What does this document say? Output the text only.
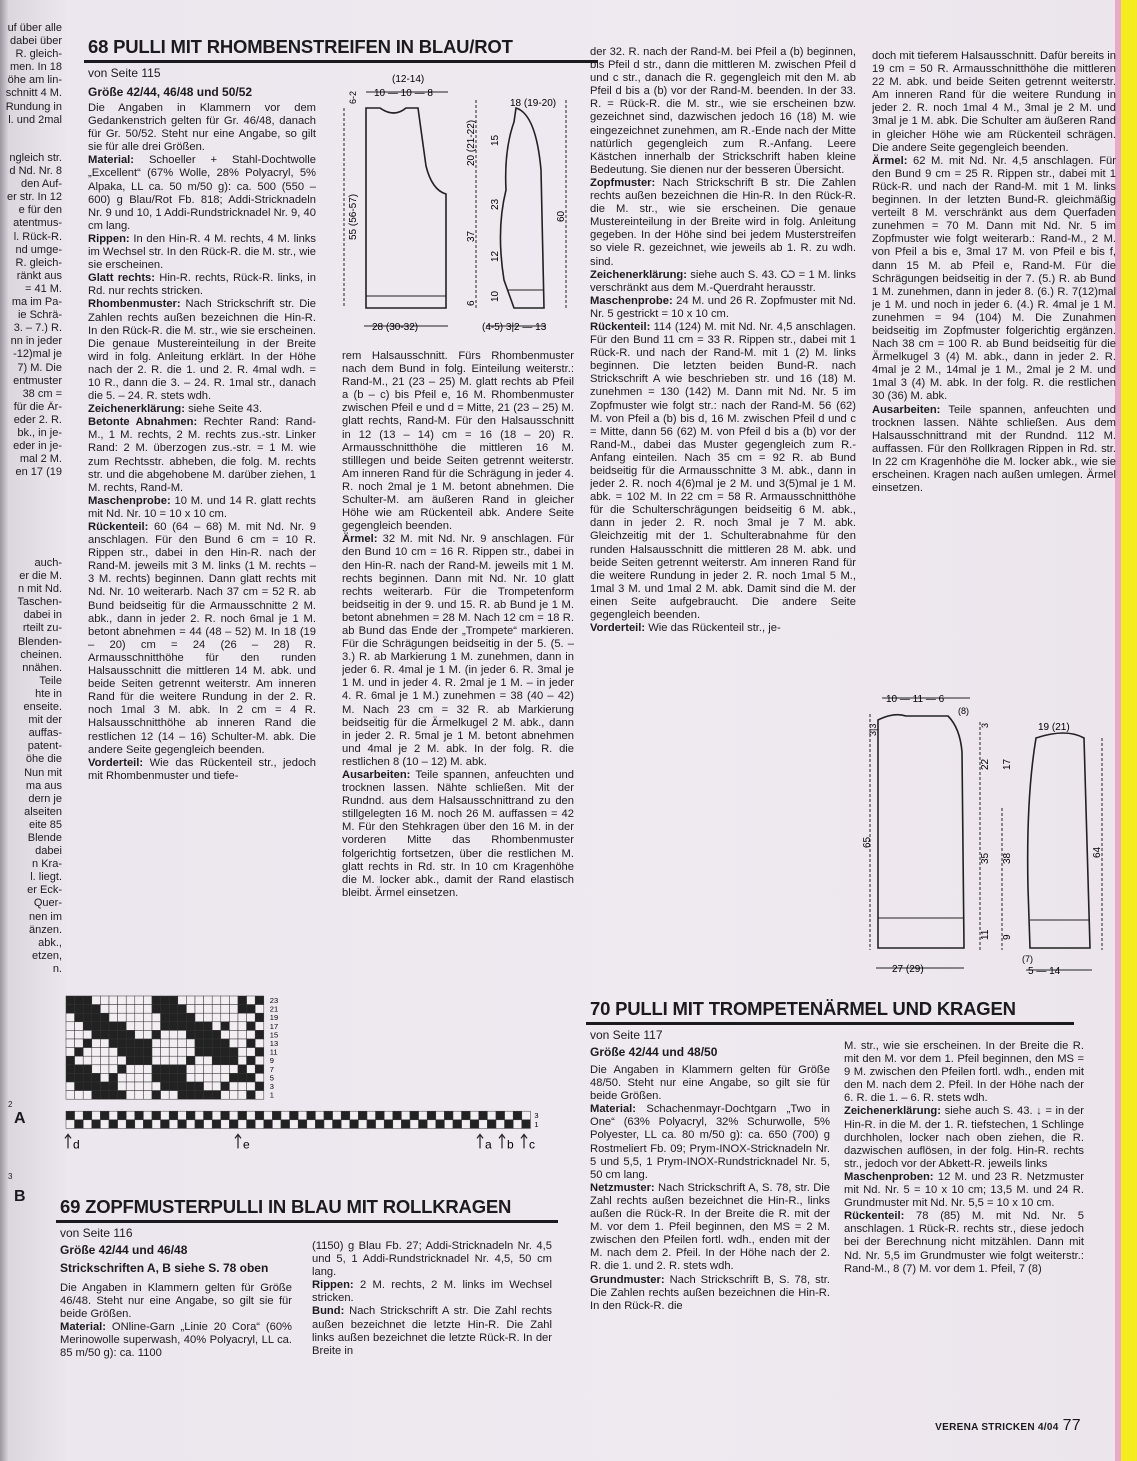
uf über alle
dabei über
R. gleich-
men. In 18
öhe am lin-
schnitt 4 M.
Rundung in
l. und 2mal
ngleich str.
d Nd. Nr. 8
den Auf-
er str. In 12
e für den
atentmus-
l. Rück-R.
nd umge-
R. gleich-
ränkt aus
= 41 M.
ma im Pa-
ie Schrä-
3. – 7.) R.
nn in jeder
-12)mal je
7) M. Die
entmuster
38 cm =
für die Är-
eder 2. R.
bk., in je-
eder in je-
mal 2 M.
en 17 (19
auch-
er die M.
n mit Nd.
Taschen-
dabei in
rteilt zu-
Blenden-
cheinen.
nnähen.
Teile
hte in
enseite.
mit der
auffas-
patent-
öhe die
Nun mit
ma aus
dern je
alseiten
eite 85
Blende
dabei
n Kra-
l. liegt.
er Eck-
Quer-
nen im
änzen.
abk.,
etzen,
n.
2
A
3
B
68 PULLI MIT RHOMBENSTREIFEN IN BLAU/ROT
von Seite 115
Größe 42/44, 46/48 und 50/52

Die Angaben in Klammern vor dem Gedankenstrich gelten für Gr. 46/48, danach für Gr. 50/52. Steht nur eine Angabe, so gilt sie für alle drei Größen.

Material: Schoeller + Stahl-Dochtwolle „Excellent“ (67% Wolle, 28% Polyacryl, 5% Alpaka, LL ca. 50 m/50 g): ca. 500 (550 – 600) g Blau/Rot Fb. 818; Addi-Stricknadeln Nr. 9 und 10, 1 Addi-Rundstricknadel Nr. 9, 40 cm lang.

Rippen: In den Hin-R. 4 M. rechts, 4 M. links im Wechsel str. In den Rück-R. die M. str., wie sie erscheinen.

Glatt rechts: Hin-R. rechts, Rück-R. links, in Rd. nur rechts stricken.

Rhombenmuster: Nach Strickschrift str. Die Zahlen rechts außen bezeichnen die Hin-R. In den Rück-R. die M. str., wie sie erscheinen. Die genaue Mustereinteilung in der Breite wird in folg. Anleitung erklärt. In der Höhe nach der 2. R. die 1. und 2. R. 4mal wdh. = 10 R., dann die 3. – 24. R. 1mal str., danach die 5. – 24. R. stets wdh.

Zeichenerklärung: siehe Seite 43.

Betonte Abnahmen: Rechter Rand: Rand-M., 1 M. rechts, 2 M. rechts zus.-str. Linker Rand: 2 M. überzogen zus.-str. = 1 M. wie zum Rechtsstr. abheben, die folg. M. rechts str. und die abgehobene M. darüber ziehen, 1 M. rechts, Rand-M.

Maschenprobe: 10 M. und 14 R. glatt rechts mit Nd. Nr. 10 = 10 x 10 cm.

Rückenteil: 60 (64 – 68) M. mit Nd. Nr. 9 anschlagen. Für den Bund 6 cm = 10 R. Rippen str., dabei in den Hin-R. nach der Rand-M. jeweils mit 3 M. links (1 M. rechts – 3 M. rechts) beginnen. Dann glatt rechts mit Nd. Nr. 10 weiterarb. Nach 37 cm = 52 R. ab Bund beidseitig für die Armausschnitte 2 M. abk., dann in jeder 2. R. noch 6mal je 1 M. betont abnehmen = 44 (48 – 52) M. In 18 (19 – 20) cm = 24 (26 – 28) R. Armausschnitthöhe für den runden Halsausschnitt die mittleren 14 M. abk. und beide Seiten getrennt weiterstr. Am inneren Rand für die weitere Rundung in der 2. R. noch 1mal 3 M. abk. In 2 cm = 4 R. Halsausschnitthöhe ab inneren Rand die restlichen 12 (14 – 16) Schulter-M. abk. Die andere Seite gegengleich beenden.

Vorderteil: Wie das Rückenteil str., jedoch mit Rhombenmuster und tiefe-

(12-14)
10 — 10 — 8
55 (56-57)
6-2
20 (21-22)
37
6
28 (30-32)
18 (19-20)
15
23
12
10
60
(4-5) 3|2 — 13

rem Halsausschnitt. Fürs Rhombenmuster nach dem Bund in folg. Einteilung weiterstr.: Rand-M., 21 (23 – 25) M. glatt rechts ab Pfeil a (b – c) bis Pfeil e, 16 M. Rhombenmuster zwischen Pfeil e und d = Mitte, 21 (23 – 25) M. glatt rechts, Rand-M. Für den Halsausschnitt in 12 (13 – 14) cm = 16 (18 – 20) R. Armausschnitthöhe die mittleren 16 M. stilllegen und beide Seiten getrennt weiterstr. Am inneren Rand für die Schrägung in jeder 4. R. noch 2mal je 1 M. betont abnehmen. Die Schulter-M. am äußeren Rand in gleicher Höhe wie am Rückenteil abk. Andere Seite gegengleich beenden.

Ärmel: 32 M. mit Nd. Nr. 9 anschlagen. Für den Bund 10 cm = 16 R. Rippen str., dabei in den Hin-R. nach der Rand-M. jeweils mit 1 M. rechts beginnen. Dann mit Nd. Nr. 10 glatt rechts weiterarb. Für die Trompetenform beidseitig in der 9. und 15. R. ab Bund je 1 M. betont abnehmen = 28 M. Nach 12 cm = 18 R. ab Bund das Ende der „Trompete“ markieren. Für die Schrägungen beidseitig in der 5. (5. – 3.) R. ab Markierung 1 M. zunehmen, dann in jeder 6. R. 4mal je 1 M. (in jeder 6. R. 3mal je 1 M. und in jeder 4. R. 2mal je 1 M. – in jeder 4. R. 6mal je 1 M.) zunehmen = 38 (40 – 42) M. Nach 23 cm = 32 R. ab Markierung beidseitig für die Ärmelkugel 2 M. abk., dann in jeder 2. R. 5mal je 1 M. betont abnehmen und 4mal je 2 M. abk. In der folg. R. die restlichen 8 (10 – 12) M. abk.

Ausarbeiten: Teile spannen, anfeuchten und trocknen lassen. Nähte schließen. Mit der Rundnd. aus dem Halsausschnittrand zu den stillgelegten 16 M. noch 26 M. auffassen = 42 M. Für den Stehkragen über den 16 M. in der vorderen Mitte das Rhombenmuster folgerichtig fortsetzen, über die restlichen M. glatt rechts in Rd. str. In 10 cm Kragenhöhe die M. locker abk., damit der Rand elastisch bleibt. Ärmel einsetzen.

der 32. R. nach der Rand-M. bei Pfeil a (b) beginnen, bis Pfeil d str., dann die mittleren M. zwischen Pfeil d und c str., danach die R. gegengleich mit den M. ab Pfeil d bis a (b) vor der Rand-M. beenden. In der 33. R. = Rück-R. die M. str., wie sie erscheinen bzw. gezeichnet sind, dazwischen jedoch 16 (18) M. wie eingezeichnet zunehmen, am R.-Ende nach der Mitte natürlich gegengleich zum R.-Anfang. Leere Kästchen innerhalb der Strickschrift haben kleine Bedeutung. Sie dienen nur der besseren Übersicht.

Zopfmuster: Nach Strickschrift B str. Die Zahlen rechts außen bezeichnen die Hin-R. In den Rück-R. die M. str., wie sie erscheinen. Die genaue Mustereinteilung in der Breite wird in folg. Anleitung gegeben. In der Höhe sind bei jedem Musterstreifen so viele R. gezeichnet, wie jeweils ab 1. R. zu wdh. sind.

Zeichenerklärung: siehe auch S. 43. Ѡ = 1 M. links verschränkt aus dem M.-Querdraht herausstr.

Maschenprobe: 24 M. und 26 R. Zopfmuster mit Nd. Nr. 5 gestrickt = 10 x 10 cm.

Rückenteil: 114 (124) M. mit Nd. Nr. 4,5 anschlagen. Für den Bund 11 cm = 33 R. Rippen str., dabei mit 1 Rück-R. und nach der Rand-M. mit 1 (2) M. links beginnen. Die letzten beiden Bund-R. nach Strickschrift A wie beschrieben str. und 16 (18) M. zunehmen = 130 (142) M. Dann mit Nd. Nr. 5 im Zopfmuster wie folgt str.: nach der Rand-M. 56 (62) M. von Pfeil a (b) bis d, 16 M. zwischen Pfeil d und c = Mitte, dann 56 (62) M. von Pfeil d bis a (b) vor der Rand-M., dabei das Muster gegengleich zum R.-Anfang einteilen. Nach 35 cm = 92 R. ab Bund beidseitig für die Armausschnitte 3 M. abk., dann in jeder 2. R. noch 4(6)mal je 2 M. und 3(5)mal je 1 M. abk. = 102 M. In 22 cm = 58 R. Armausschnitthöhe für die Schulterschrägungen beidseitig 6 M. abk., dann in jeder 2. R. noch 3mal je 7 M. abk. Gleichzeitig mit der 1. Schulterabnahme für den runden Halsausschnitt die mittleren 28 M. abk. und beide Seiten getrennt weiterstr. Am inneren Rand für die weitere Rundung in jeder 2. R. noch 1mal 5 M., 1mal 3 M. und 1mal 2 M. abk. Damit sind die M. der einen Seite aufgebraucht. Die andere Seite gegengleich beenden.

Vorderteil: Wie das Rückenteil str., je-

doch mit tieferem Halsausschnitt. Dafür bereits in 19 cm = 50 R. Armausschnitthöhe die mittleren 22 M. abk. und beide Seiten getrennt weiterstr. Am inneren Rand für die weitere Rundung in jeder 2. R. noch 1mal 4 M., 3mal je 2 M. und 3mal je 1 M. abk. Die Schulter am äußeren Rand in gleicher Höhe wie am Rückenteil schrägen. Die andere Seite gegengleich beenden.

Ärmel: 62 M. mit Nd. Nr. 4,5 anschlagen. Für den Bund 9 cm = 25 R. Rippen str., dabei mit 1 Rück-R. und nach der Rand-M. mit 1 M. links beginnen. In der letzten Bund-R. gleichmäßig verteilt 8 M. verschränkt aus dem Querfaden zunehmen = 70 M. Dann mit Nd. Nr. 5 im Zopfmuster wie folgt weiterarb.: Rand-M., 2 M. von Pfeil a bis e, 3mal 17 M. von Pfeil e bis f, dann 15 M. ab Pfeil e, Rand-M. Für die Schrägungen beidseitig in der 7. (5.) R. ab Bund 1 M. zunehmen, dann in jeder 8. (6.) R. 7(12)mal je 1 M. und noch in jeder 6. (4.) R. 4mal je 1 M. zunehmen = 94 (104) M. Die Zunahmen beidseitig im Zopfmuster folgerichtig ergänzen. Nach 38 cm = 100 R. ab Bund beidseitig für die Ärmelkugel 3 (4) M. abk., dann in jeder 2. R. 4mal je 2 M., 14mal je 1 M., 2mal je 2 M. und 1mal 3 (4) M. abk. In der folg. R. die restlichen 30 (36) M. abk.

Ausarbeiten: Teile spannen, anfeuchten und trocknen lassen. Nähte schließen. Aus dem Halsausschnittrand mit der Rundnd. 112 M. auffassen. Für den Rollkragen Rippen in Rd. str. In 22 cm Kragenhöhe die M. locker abk., wie sie erscheinen. Kragen nach außen umlegen. Ärmel einsetzen.

10 — 11 — 6
(8)
3|3	3
22 17
65
35 38
11 9
27 (29)
19 (21)
64
(7)
5 — 14
23
21
19
17
15
13
11
9
7
5
3
1
3
1
d	e	a b c
69 ZOPFMUSTERPULLI IN BLAU MIT ROLLKRAGEN
von Seite 116
Größe 42/44 und 46/48
Strickschriften A, B siehe S. 78 oben

Die Angaben in Klammern gelten für Größe 46/48. Steht nur eine Angabe, so gilt sie für beide Größen.

Material: ONline-Garn „Linie 20 Cora“ (60% Merinowolle superwash, 40% Polyacryl, LL ca. 85 m/50 g): ca. 1100

(1150) g Blau Fb. 27; Addi-Stricknadeln Nr. 4,5 und 5, 1 Addi-Rundstricknadel Nr. 4,5, 50 cm lang.

Rippen: 2 M. rechts, 2 M. links im Wechsel stricken.

Bund: Nach Strickschrift A str. Die Zahl rechts außen bezeichnet die letzte Hin-R. Die Zahl links außen bezeichnet die letzte Rück-R. In der Breite in

70 PULLI MIT TROMPETENÄRMEL UND KRAGEN
von Seite 117
Größe 42/44 und 48/50

Die Angaben in Klammern gelten für Größe 48/50. Steht nur eine Angabe, so gilt sie für beide Größen.

Material: Schachenmayr-Dochtgarn „Two in One“ (63% Polyacryl, 32% Schurwolle, 5% Polyester, LL ca. 80 m/50 g): ca. 650 (700) g Rostmeliert Fb. 09; Prym-INOX-Stricknadeln Nr. 5 und 5,5, 1 Prym-INOX-Rundstricknadel Nr. 5, 50 cm lang.

Netzmuster: Nach Strickschrift A, S. 78, str. Die Zahl rechts außen bezeichnet die Hin-R., links außen die Rück-R. In der Breite die R. mit der M. vor dem 1. Pfeil beginnen, den MS = 2 M. zwischen den Pfeilen fortl. wdh., enden mit der M. nach dem 2. Pfeil. In der Höhe nach der 2. R. die 1. und 2. R. stets wdh.

Grundmuster: Nach Strickschrift B, S. 78, str. Die Zahlen rechts außen bezeichnen die Hin-R. In den Rück-R. die

M. str., wie sie erscheinen. In der Breite die R. mit den M. vor dem 1. Pfeil beginnen, den MS = 9 M. zwischen den Pfeilen fortl. wdh., enden mit den M. nach dem 2. Pfeil. In der Höhe nach der 6. R. die 1. – 6. R. stets wdh.

Zeichenerklärung: siehe auch S. 43. ↓ = in der Hin-R. in die M. der 1. R. tiefstechen, 1 Schlinge durchholen, locker nach oben ziehen, die R. dazwischen auflösen, in der folg. Hin-R. rechts str., jedoch vor der Abkett-R. jeweils links

Maschenproben: 12 M. und 23 R. Netzmuster mit Nd. Nr. 5 = 10 x 10 cm; 13,5 M. und 24 R. Grundmuster mit Nd. Nr. 5,5 = 10 x 10 cm.

Rückenteil: 78 (85) M. mit Nd. Nr. 5 anschlagen. 1 Rück-R. rechts str., diese jedoch bei der Berechnung nicht mitzählen. Dann mit Nd. Nr. 5,5 im Grundmuster wie folgt weiterstr.: Rand-M., 8 (7) M. vor dem 1. Pfeil, 7 (8)

VERENA STRICKEN 4/04 77
